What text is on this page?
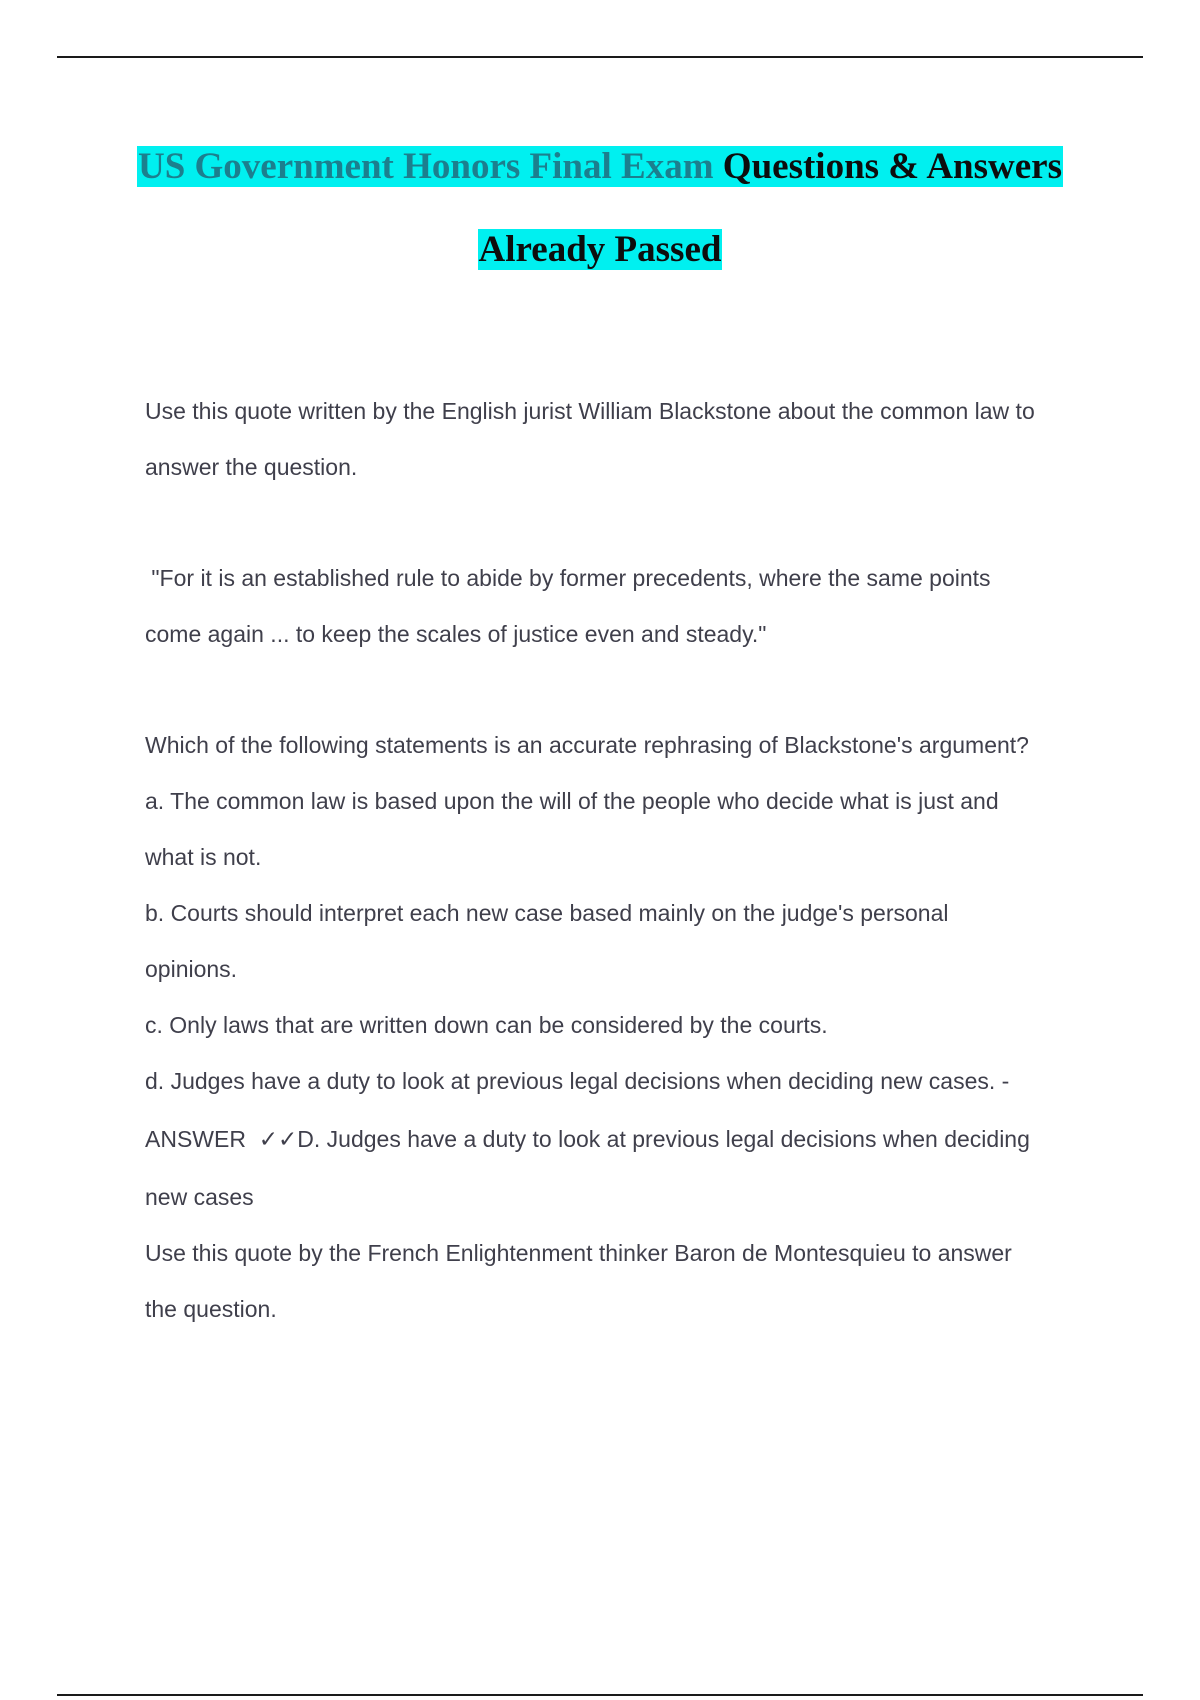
US Government Honors Final Exam Questions & Answers
Already Passed
Use this quote written by the English jurist William Blackstone about the common law to
answer the question.
"For it is an established rule to abide by former precedents, where the same points
come again ... to keep the scales of justice even and steady."
Which of the following statements is an accurate rephrasing of Blackstone's argument?
a. The common law is based upon the will of the people who decide what is just and
what is not.
b. Courts should interpret each new case based mainly on the judge's personal
opinions.
c. Only laws that are written down can be considered by the courts.
d. Judges have a duty to look at previous legal decisions when deciding new cases. -
ANSWER  ✓✓D. Judges have a duty to look at previous legal decisions when deciding
new cases
Use this quote by the French Enlightenment thinker Baron de Montesquieu to answer
the question.
